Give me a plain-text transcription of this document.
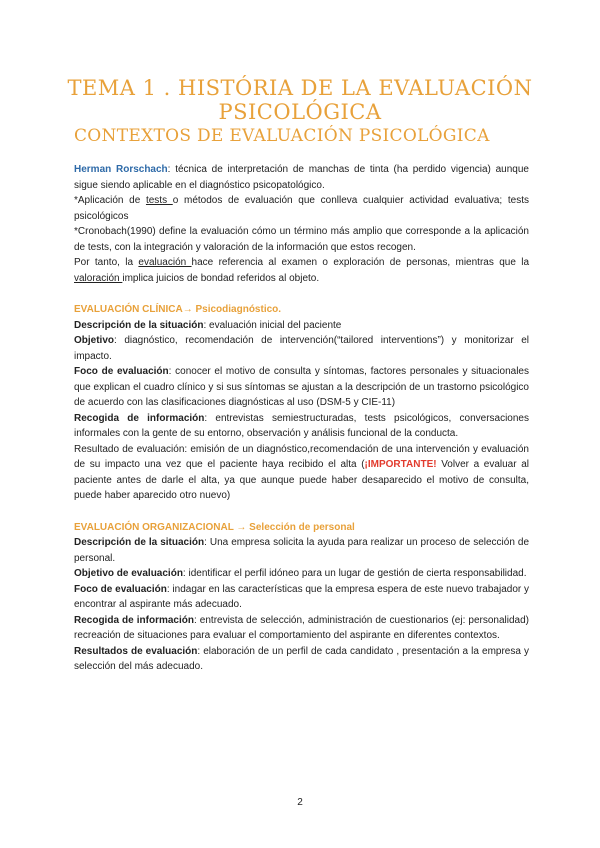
TEMA 1 . HISTÓRIA DE LA EVALUACIÓN PSICOLÓGICA
CONTEXTOS DE EVALUACIÓN PSICOLÓGICA

Herman Rorschach: técnica de interpretación de manchas de tinta (ha perdido vigencia) aunque sigue siendo aplicable en el diagnóstico psicopatológico.

*Aplicación de tests o métodos de evaluación que conlleva cualquier actividad evaluativa; tests psicológicos

*Cronobach(1990) define la evaluación cómo un término más amplio que corresponde a la aplicación de tests, con la integración y valoración de la información que estos recogen.

Por tanto, la evaluación hace referencia al examen o exploración de personas, mientras que la valoración implica juicios de bondad referidos al objeto.

EVALUACIÓN CLÍNICA→ Psicodiagnóstico.

Descripción de la situación: evaluación inicial del paciente

Objetivo: diagnóstico, recomendación de intervención(“tailored interventions”) y monitorizar el impacto.

Foco de evaluación: conocer el motivo de consulta y síntomas, factores personales y situacionales que explican el cuadro clínico y si sus síntomas se ajustan a la descripción de un trastorno psicológico de acuerdo con las clasificaciones diagnósticas al uso (DSM-5 y CIE-11)

Recogida de información: entrevistas semiestructuradas, tests psicológicos, conversaciones informales con la gente de su entorno, observación y análisis funcional de la conducta.

Resultado de evaluación: emisión de un diagnóstico,recomendación de una intervención y evaluación de su impacto una vez que el paciente haya recibido el alta (¡IMPORTANTE! Volver a evaluar al paciente antes de darle el alta, ya que aunque puede haber desaparecido el motivo de consulta, puede haber aparecido otro nuevo)

EVALUACIÓN ORGANIZACIONAL → Selección de personal

Descripción de la situación: Una empresa solicita la ayuda para realizar un proceso de selección de personal.

Objetivo de evaluación: identificar el perfil idóneo para un lugar de gestión de cierta responsabilidad.

Foco de evaluación: indagar en las características que la empresa espera de este nuevo trabajador y encontrar al aspirante más adecuado.

Recogida de información: entrevista de selección, administración de cuestionarios (ej: personalidad) recreación de situaciones para evaluar el comportamiento del aspirante en diferentes contextos.

Resultados de evaluación: elaboración de un perfil de cada candidato , presentación a la empresa y selección del más adecuado.

2
